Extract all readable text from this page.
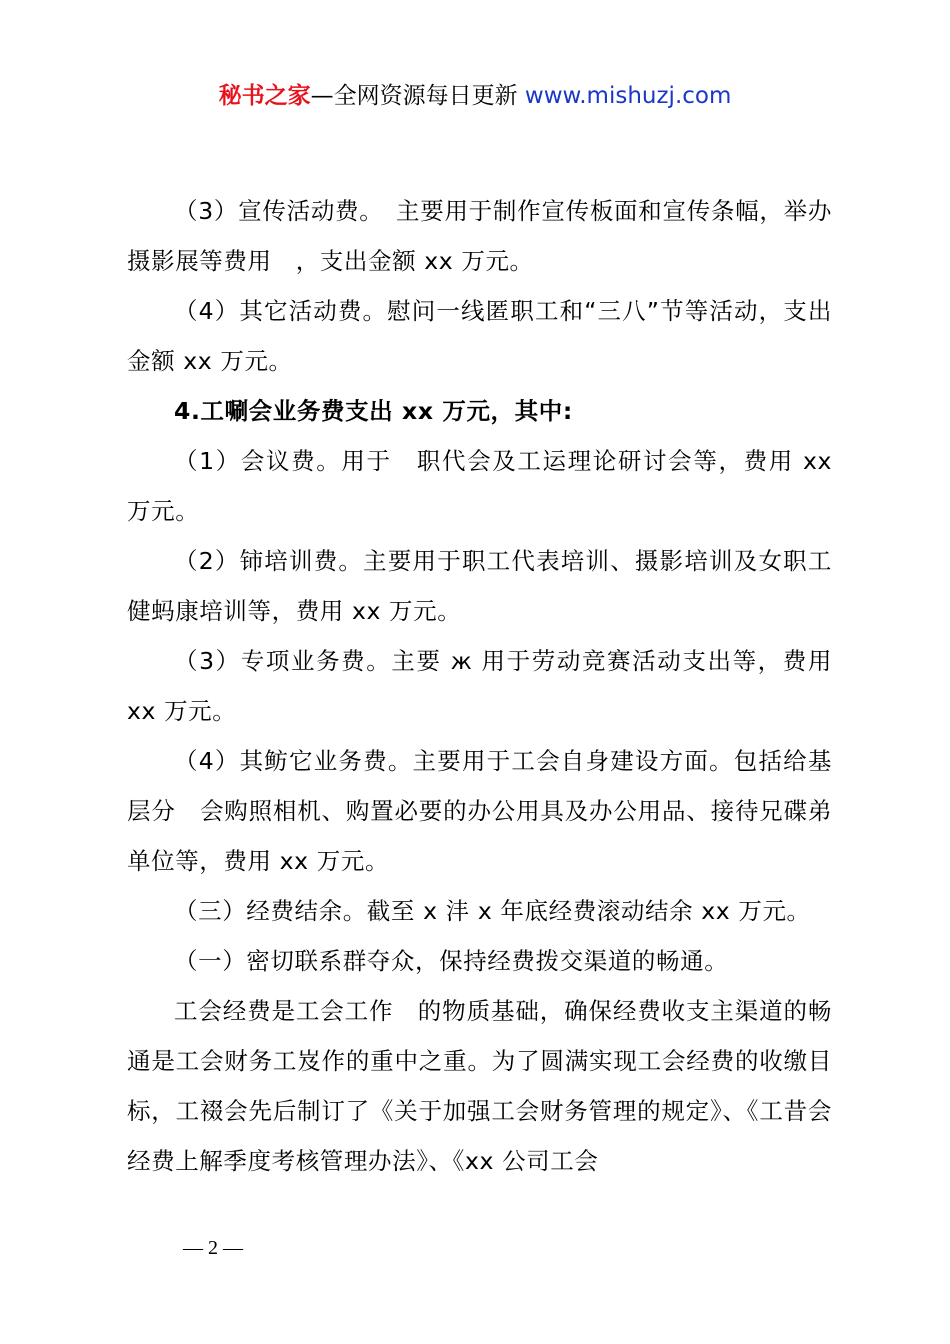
秘书之家—全网资源每日更新 www.mishuzj.com

（3）宣传活动费。　主要用于制作宣传板面和宣传条幅，举办摄影展等费用　，支出金额 xx 万元。

（4）其它活动费。慰问一线匿职工和“三八”节等活动，支出金额 xx 万元。

4.工唰会业务费支出 xx 万元，其中:

（1）会议费。用于　职代会及工运理论研讨会等，费用 xx 万元。

（2）铈培训费。主要用于职工代表培训、摄影培训及女职工健蚂康培训等，费用 xx 万元。

（3）专项业务费。主要 ж 用于劳动竞赛活动支出等，费用 xx 万元。

（4）其鲂它业务费。主要用于工会自身建设方面。包括给基层分　会购照相机、购置必要的办公用具及办公用品、接待兄碟弟单位等，费用 xx 万元。

（三）经费结余。截至 x 沣 x 年底经费滚动结余 xx 万元。

（一）密切联系群夺众，保持经费拨交渠道的畅通。

工会经费是工会工作　的物质基础，确保经费收支主渠道的畅通是工会财务工岌作的重中之重。为了圆满实现工会经费的收缴目标，工裰会先后制订了《关于加强工会财务管理的规定》、《工昔会经费上解季度考核管理办法》、《xx 公司工会

— 2 —
